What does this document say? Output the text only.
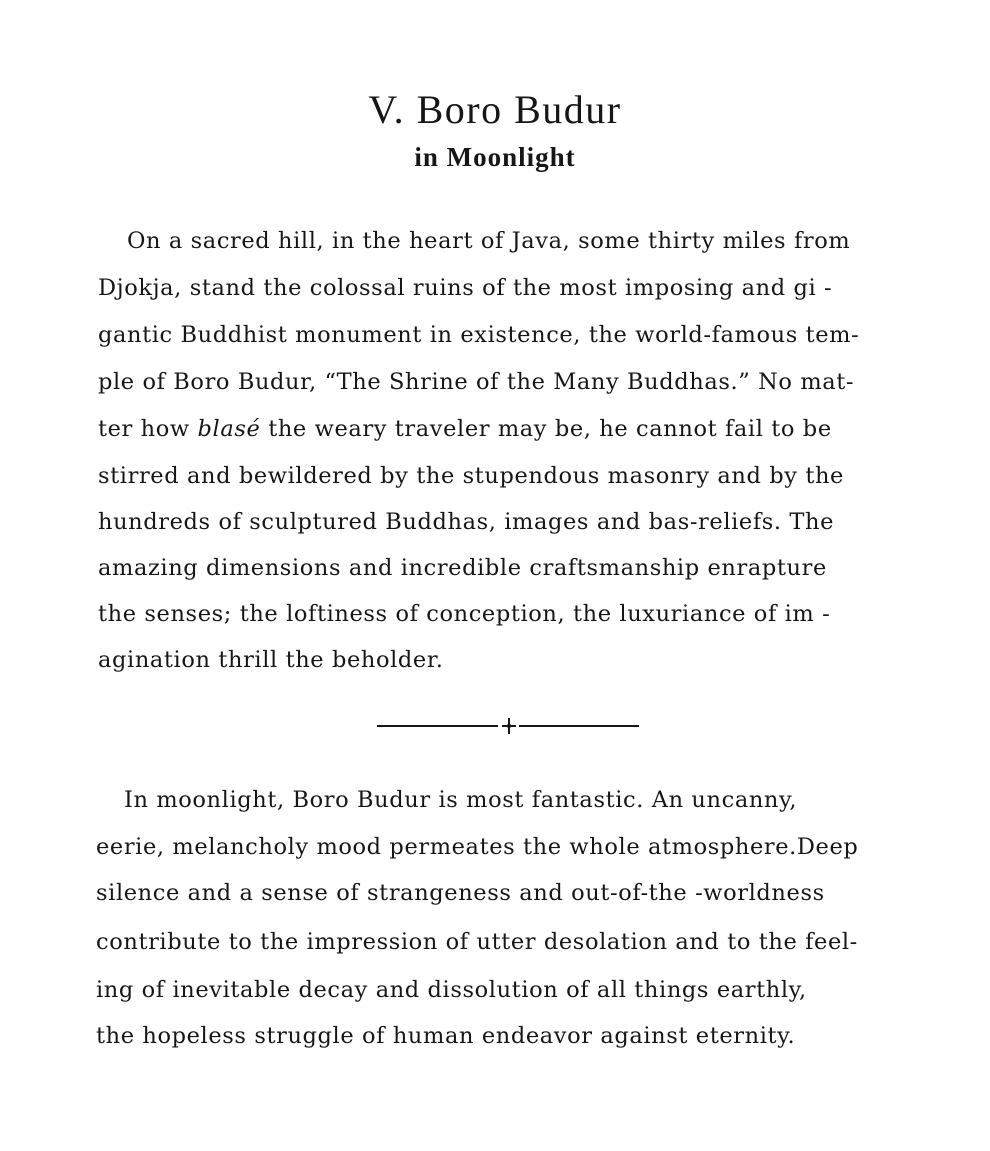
V. Boro Budur
in Moonlight
On a sacred hill, in the heart of Java, some thirty miles from
Djokja, stand the colossal ruins of the most imposing and gi -
gantic Buddhist monument in existence, the world-famous tem-
ple of Boro Budur, “The Shrine of the Many Buddhas.” No mat-
ter how blasé the weary traveler may be, he cannot fail to be
stirred and bewildered by the stupendous masonry and by the
hundreds of sculptured Buddhas, images and bas-reliefs. The
amazing dimensions and incredible craftsmanship enrapture
the senses; the loftiness of conception, the luxuriance of im -
agination thrill the beholder.
In moonlight, Boro Budur is most fantastic. An uncanny,
eerie, melancholy mood permeates the whole atmosphere.Deep
silence and a sense of strangeness and out-of-the -worldness
contribute to the impression of utter desolation and to the feel-
ing of inevitable decay and dissolution of all things earthly,
the hopeless struggle of human endeavor against eternity.
